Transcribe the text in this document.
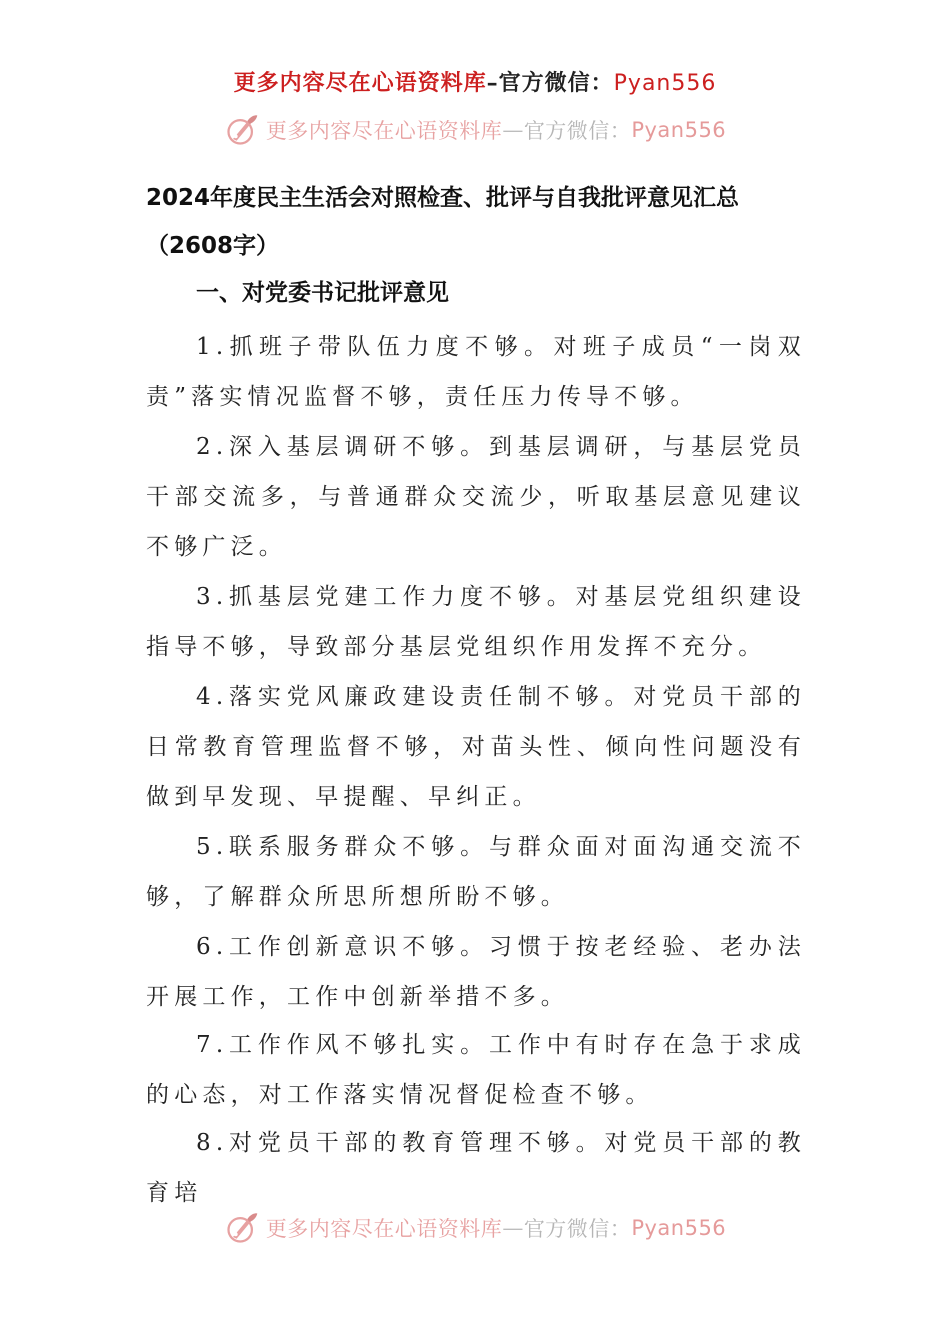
更多内容尽在心语资料库–官方微信：Pyan556
更多内容尽在心语资料库 — 官方微信： Pyan556
2024年度民主生活会对照检查、批评与自我批评意见汇总
（2608字）
一、对党委书记批评意见

1.抓班子带队伍力度不够。对班子成员“一岗双责”落实情况监督不够，责任压力传导不够。

2.深入基层调研不够。到基层调研，与基层党员干部交流多，与普通群众交流少，听取基层意见建议不够广泛。

3.抓基层党建工作力度不够。对基层党组织建设指导不够，导致部分基层党组织作用发挥不充分。

4.落实党风廉政建设责任制不够。对党员干部的日常教育管理监督不够，对苗头性、倾向性问题没有做到早发现、早提醒、早纠正。

5.联系服务群众不够。与群众面对面沟通交流不够，了解群众所思所想所盼不够。

6.工作创新意识不够。习惯于按老经验、老办法开展工作，工作中创新举措不多。

7.工作作风不够扎实。工作中有时存在急于求成的心态，对工作落实情况督促检查不够。

8.对党员干部的教育管理不够。对党员干部的教育培

更多内容尽在心语资料库 — 官方微信： Pyan556
